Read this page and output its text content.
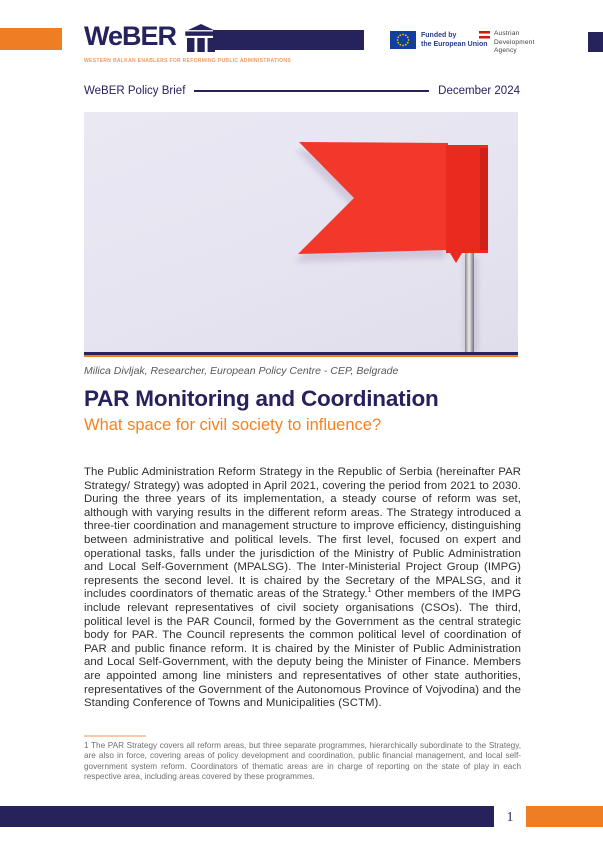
WeBER
WESTERN BALKAN ENABLERS FOR REFORMING PUBLIC ADMINISTRATIONS
Funded by
the European Union
Austrian
Development
Agency
WeBER Policy Brief	December 2024
Milica Divljak, Researcher, European Policy Centre - CEP, Belgrade
PAR Monitoring and Coordination
What space for civil society to influence?

The Public Administration Reform Strategy in the Republic of Serbia (hereinafter PAR Strategy/ Strategy) was adopted in April 2021, covering the period from 2021 to 2030. During the three years of its implementation, a steady course of reform was set, although with varying results in the different reform areas. The Strategy introduced a three-tier coordination and management structure to improve efficiency, distinguishing between administrative and political levels. The first level, focused on expert and operational tasks, falls under the jurisdiction of the Ministry of Public Administration and Local Self-Government (MPALSG). The Inter-Ministerial Project Group (IMPG) represents the second level. It is chaired by the Secretary of the MPALSG, and it includes coordinators of thematic areas of the Strategy.$^1$ Other members of the IMPG include relevant representatives of civil society organisations (CSOs). The third, political level is the PAR Council, formed by the Government as the central strategic body for PAR. The Council represents the common political level of coordination of PAR and public finance reform. It is chaired by the Minister of Public Administration and Local Self-Government, with the deputy being the Minister of Finance. Members are appointed among line ministers and representatives of other state authorities, representatives of the Government of the Autonomous Province of Vojvodina) and the Standing Conference of Towns and Municipalities (SCTM).

1 The PAR Strategy covers all reform areas, but three separate programmes, hierarchically subordinate to the Strategy, are also in force, covering areas of policy development and coordination, public financial management, and local self-government system reform. Coordinators of thematic areas are in charge of reporting on the state of play in each respective area, including areas covered by these programmes.

1
